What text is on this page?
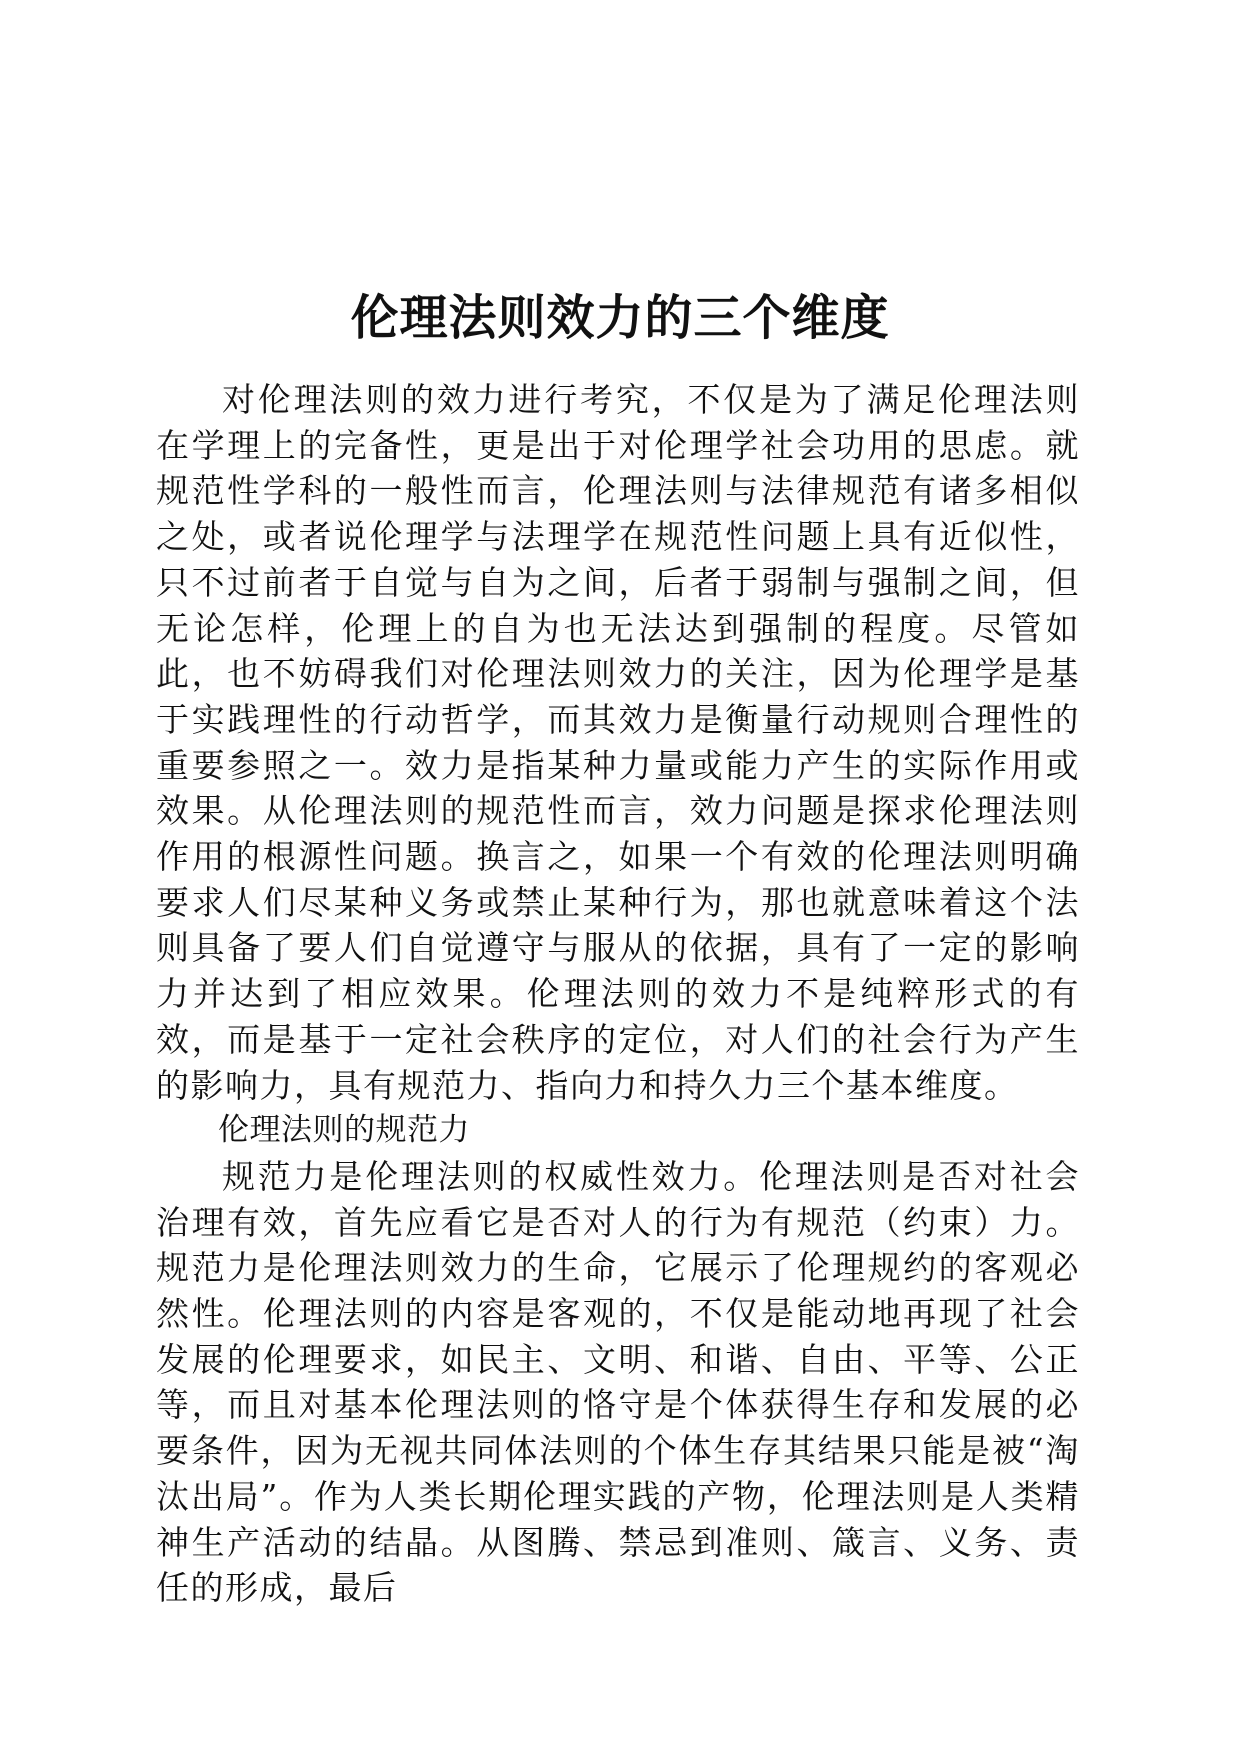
伦理法则效力的三个维度

对伦理法则的效力进行考究，不仅是为了满足伦理法则在学理上的完备性，更是出于对伦理学社会功用的思虑。就规范性学科的一般性而言，伦理法则与法律规范有诸多相似之处，或者说伦理学与法理学在规范性问题上具有近似性，只不过前者于自觉与自为之间，后者于弱制与强制之间，但无论怎样，伦理上的自为也无法达到强制的程度。尽管如此，也不妨碍我们对伦理法则效力的关注，因为伦理学是基于实践理性的行动哲学，而其效力是衡量行动规则合理性的重要参照之一。效力是指某种力量或能力产生的实际作用或效果。从伦理法则的规范性而言，效力问题是探求伦理法则作用的根源性问题。换言之，如果一个有效的伦理法则明确要求人们尽某种义务或禁止某种行为，那也就意味着这个法则具备了要人们自觉遵守与服从的依据，具有了一定的影响力并达到了相应效果。伦理法则的效力不是纯粹形式的有效，而是基于一定社会秩序的定位，对人们的社会行为产生的影响力，具有规范力、指向力和持久力三个基本维度。

伦理法则的规范力

规范力是伦理法则的权威性效力。伦理法则是否对社会治理有效，首先应看它是否对人的行为有规范（约束）力。规范力是伦理法则效力的生命，它展示了伦理规约的客观必然性。伦理法则的内容是客观的，不仅是能动地再现了社会发展的伦理要求，如民主、文明、和谐、自由、平等、公正等，而且对基本伦理法则的恪守是个体获得生存和发展的必要条件，因为无视共同体法则的个体生存其结果只能是被“淘汰出局”。作为人类长期伦理实践的产物，伦理法则是人类精神生产活动的结晶。从图腾、禁忌到准则、箴言、义务、责任的形成，最后
